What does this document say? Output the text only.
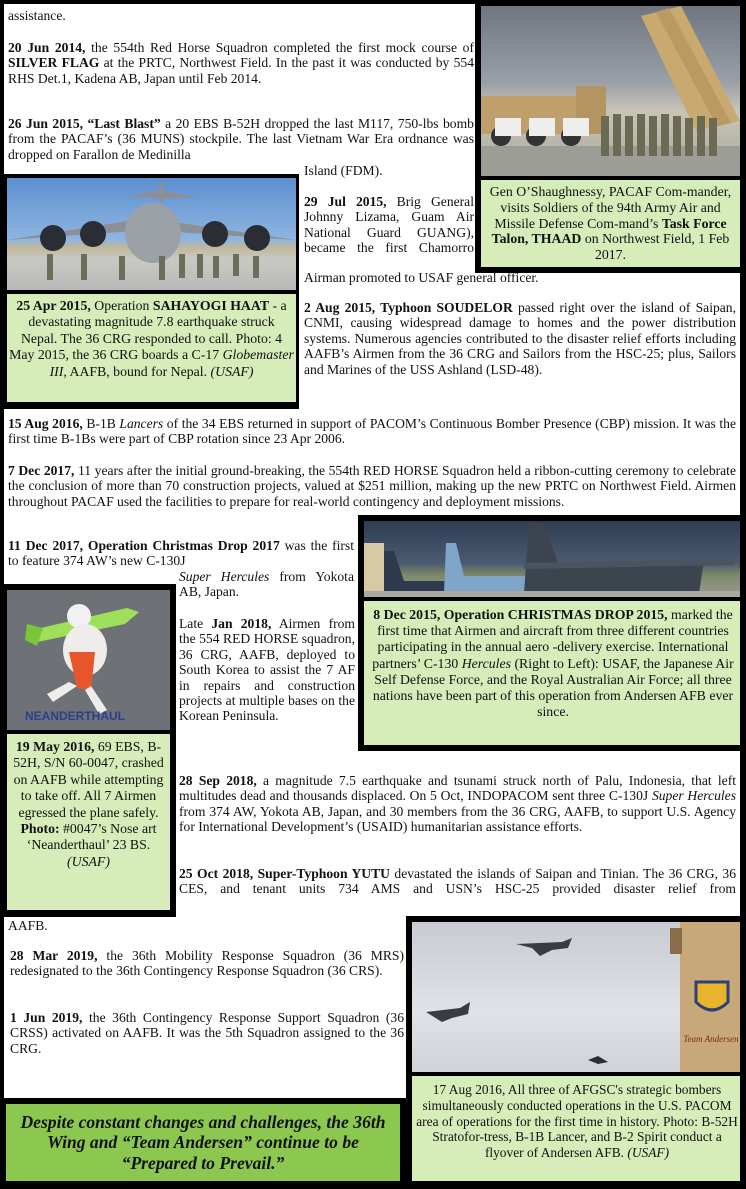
assistance.
20 Jun 2014, the 554th Red Horse Squadron completed the first mock course of SILVER FLAG at the PRTC, Northwest Field. In the past it was conducted by 554 RHS Det.1, Kadena AB, Japan until Feb 2014.
26 Jun 2015, “Last Blast” a 20 EBS B-52H dropped the last M117, 750-lbs bomb from the PACAF’s (36 MUNS) stockpile. The last Vietnam War Era ordnance was dropped on Farallon de Medinilla
Island (FDM).
Gen O’Shaughnessy, PACAF Com-mander, visits Soldiers of the 94th Army Air and Missile Defense Com-mand’s Task Force Talon, THAAD on Northwest Field, 1 Feb 2017.
25 Apr 2015, Operation SAHAYOGI HAAT - a devastating magnitude 7.8 earthquake struck Nepal. The 36 CRG responded to call. Photo: 4 May 2015, the 36 CRG boards a C-17 Globemaster III, AAFB, bound for Nepal. (USAF)
29 Jul 2015, Brig General Johnny Lizama, Guam Air National Guard GUANG), became the first Chamorro
Airman promoted to USAF general officer.
2 Aug 2015, Typhoon SOUDELOR passed right over the island of Saipan, CNMI, causing widespread damage to homes and the power distribution systems. Numerous agencies contributed to the disaster relief efforts including AAFB’s Airmen from the 36 CRG and Sailors from the HSC-25; plus, Sailors and Marines of the USS Ashland (LSD-48).
15 Aug 2016, B-1B Lancers of the 34 EBS returned in support of PACOM’s Continuous Bomber Presence (CBP) mission. It was the first time B-1Bs were part of CBP rotation since 23 Apr 2006.
7 Dec 2017, 11 years after the initial ground-breaking, the 554th RED HORSE Squadron held a ribbon-cutting ceremony to celebrate the conclusion of more than 70 construction projects, valued at $251 million, making up the new PRTC on Northwest Field. Airmen throughout PACAF used the facilities to prepare for real-world contingency and deployment missions.
8 Dec 2015, Operation CHRISTMAS DROP 2015, marked the first time that Airmen and aircraft from three different countries participating in the annual aero -delivery exercise. International partners’ C-130 Hercules (Right to Left): USAF, the Japanese Air Self Defense Force, and the Royal Australian Air Force; all three nations have been part of this operation from Andersen AFB ever since.
11 Dec 2017, Operation Christmas Drop 2017 was the first to feature 374 AW’s new C-130J
Super Hercules from Yokota AB, Japan.
NEANDERTHAUL
19 May 2016, 69 EBS, B-52H, S/N 60-0047, crashed on AAFB while attempting to take off. All 7 Airmen egressed the plane safely. Photo: #0047’s Nose art ‘Neanderthaul’ 23 BS. (USAF)
Late Jan 2018, Airmen from the 554 RED HORSE squadron, 36 CRG, AAFB, deployed to South Korea to assist the 7 AF in repairs and construction projects at multiple bases on the Korean Peninsula.
28 Sep 2018, a magnitude 7.5 earthquake and tsunami struck north of Palu, Indonesia, that left multitudes dead and thousands displaced. On 5 Oct, INDOPACOM sent three C-130J Super Hercules from 374 AW, Yokota AB, Japan, and 30 members from the 36 CRG, AAFB, to support U.S. Agency for International Development’s (USAID) humanitarian assistance efforts.
25 Oct 2018, Super-Typhoon YUTU devastated the islands of Saipan and Tinian. The 36 CRG, 36 CES, and tenant units 734 AMS and USN’s HSC-25 provided disaster relief from
AAFB.
28 Mar 2019, the 36th Mobility Response Squadron (36 MRS) redesignated to the 36th Contingency Response Squadron (36 CRS).
1 Jun 2019, the 36th Contingency Response Support Squadron (36 CRSS) activated on AAFB. It was the 5th Squadron assigned to the 36 CRG.
Team Andersen
17 Aug 2016, All three of AFGSC's strategic bombers simultaneously conducted operations in the U.S. PACOM area of operations for the first time in history. Photo: B-52H Stratofor-tress, B-1B Lancer, and B-2 Spirit conduct a flyover of Andersen AFB. (USAF)
Despite constant changes and challenges, the 36th Wing and “Team Andersen” continue to be “Prepared to Prevail.”
